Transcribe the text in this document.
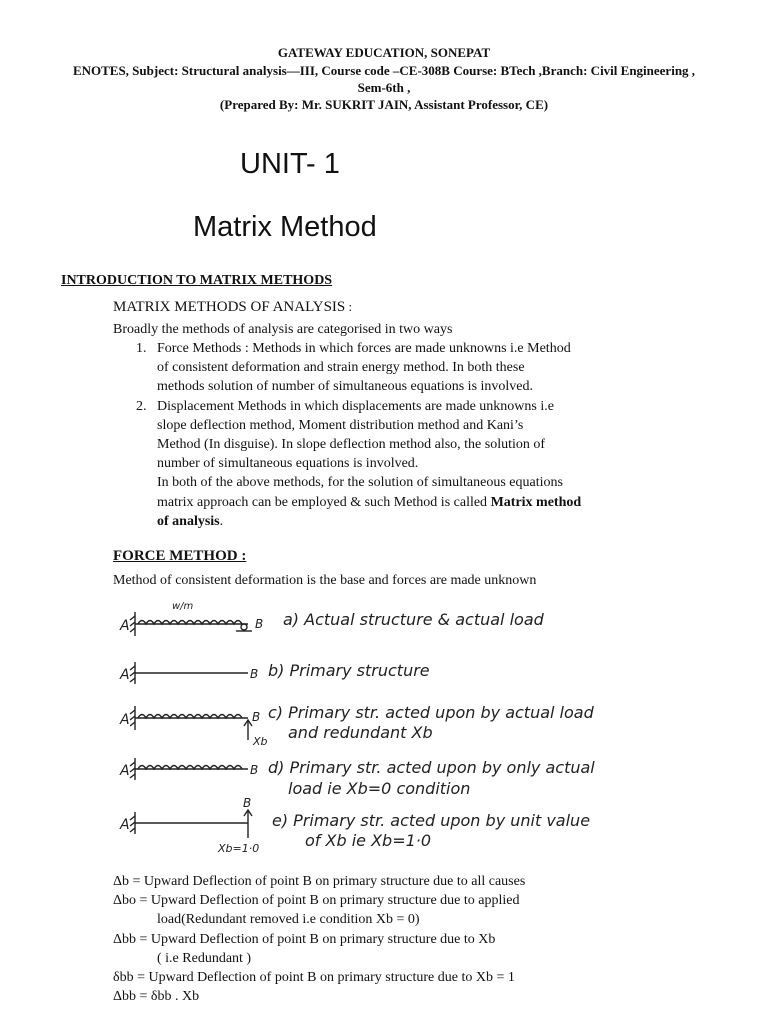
GATEWAY EDUCATION, SONEPAT
ENOTES, Subject: Structural analysis—III, Course code –CE-308B Course: BTech ,Branch: Civil Engineering ,
Sem-6th ,
(Prepared By: Mr. SUKRIT JAIN, Assistant Professor, CE)
UNIT- 1
Matrix Method
INTRODUCTION TO MATRIX METHODS
MATRIX METHODS OF ANALYSIS :
Broadly the methods of analysis are categorised in two ways
1. Force Methods : Methods in which forces are made unknowns i.e Method
of consistent deformation and strain energy method. In both these
methods solution of number of simultaneous equations is involved.
2. Displacement Methods in which displacements are made unknowns i.e
slope deflection method, Moment distribution method and Kani’s
Method (In disguise). In slope deflection method also, the solution of
number of simultaneous equations is involved.
In both of the above methods, for the solution of simultaneous equations
matrix approach can be employed & such Method is called Matrix method
of analysis.
FORCE METHOD :
Method of consistent deformation is the base and forces are made unknown
w/m
A	B a) Actual structure & actual load
A	B b) Primary structure
A	B
Xb
c) Primary str. acted upon by actual load
and redundant Xb
A	B d) Primary str. acted upon by only actual
load ie Xb=0 condition
A
B
Xb=1·0
e) Primary str. acted upon by unit value
of Xb ie Xb=1·0
Δb = Upward Deflection of point B on primary structure due to all causes
Δbo = Upward Deflection of point B on primary structure due to applied
load(Redundant removed i.e condition Xb = 0)
Δbb = Upward Deflection of point B on primary structure due to Xb
( i.e Redundant )
δbb = Upward Deflection of point B on primary structure due to Xb = 1
Δbb = δbb . Xb
